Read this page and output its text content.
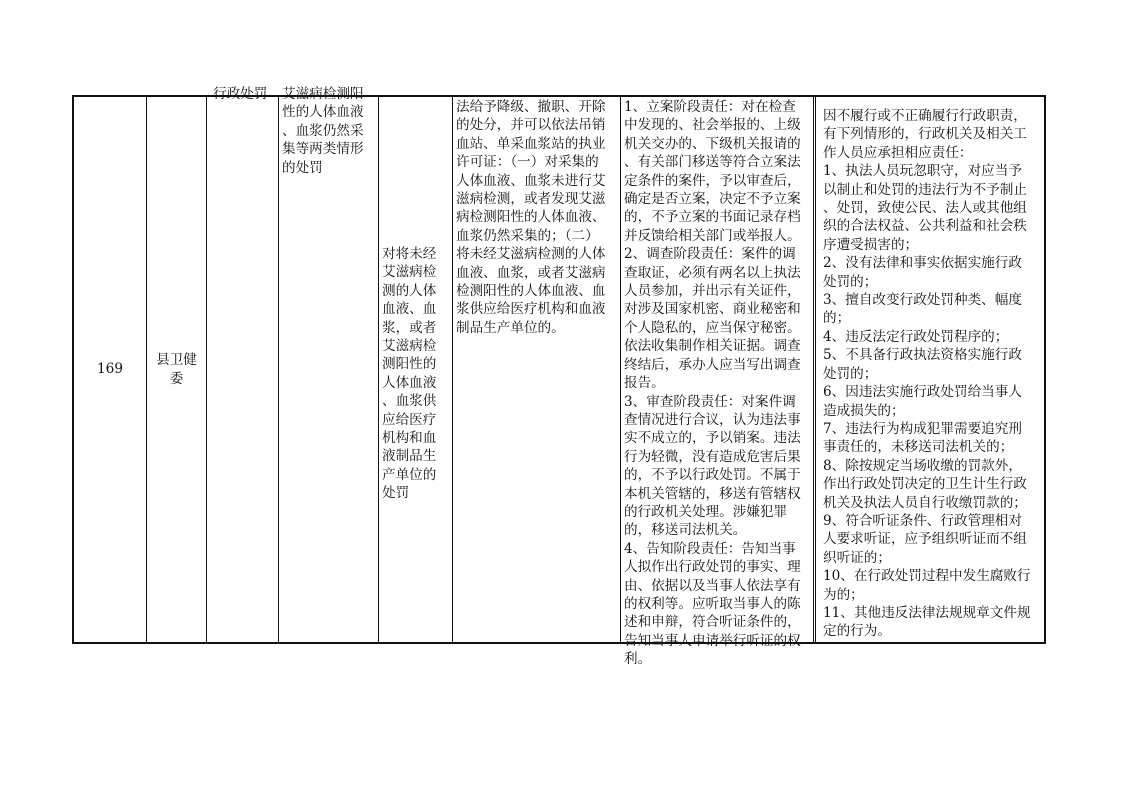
169
县卫健
委
行政处罚	艾滋病检测阳
性的人体血液
、血浆仍然采
集等两类情形
的处罚
对将未经
艾滋病检
测的人体
血液、血
浆，或者
艾滋病检
测阳性的
人体血液
、血浆供
应给医疗
机构和血
液制品生
产单位的
处罚
法给予降级、撤职、开除
的处分，并可以依法吊销
血站、单采血浆站的执业
许可证：（一）对采集的
人体血液、血浆未进行艾
滋病检测，或者发现艾滋
病检测阳性的人体血液、
血浆仍然采集的；（二）
将未经艾滋病检测的人体
血液、血浆，或者艾滋病
检测阳性的人体血液、血
浆供应给医疗机构和血液
制品生产单位的。
1、立案阶段责任：对在检查
中发现的、社会举报的、上级
机关交办的、下级机关报请的
、有关部门移送等符合立案法
定条件的案件，予以审查后，
确定是否立案，决定不予立案
的，不予立案的书面记录存档
并反馈给相关部门或举报人。
2、调查阶段责任：案件的调
查取证，必须有两名以上执法
人员参加，并出示有关证件，
对涉及国家机密、商业秘密和
个人隐私的，应当保守秘密。
依法收集制作相关证据。调查
终结后，承办人应当写出调查
报告。
3、审查阶段责任：对案件调
查情况进行合议，认为违法事
实不成立的，予以销案。违法
行为轻微，没有造成危害后果
的，不予以行政处罚。不属于
本机关管辖的，移送有管辖权
的行政机关处理。涉嫌犯罪
的，移送司法机关。
4、告知阶段责任：告知当事
人拟作出行政处罚的事实、理
由、依据以及当事人依法享有
的权利等。应听取当事人的陈
述和申辩，符合听证条件的，
告知当事人申请举行听证的权
利。
因不履行或不正确履行行政职责，
有下列情形的，行政机关及相关工
作人员应承担相应责任：
1、执法人员玩忽职守，对应当予
以制止和处罚的违法行为不予制止
、处罚，致使公民、法人或其他组
织的合法权益、公共利益和社会秩
序遭受损害的；
2、没有法律和事实依据实施行政
处罚的；
3、擅自改变行政处罚种类、幅度
的；
4、违反法定行政处罚程序的；
5、不具备行政执法资格实施行政
处罚的；
6、因违法实施行政处罚给当事人
造成损失的；
7、违法行为构成犯罪需要追究刑
事责任的，未移送司法机关的；
8、除按规定当场收缴的罚款外，
作出行政处罚决定的卫生计生行政
机关及执法人员自行收缴罚款的；
9、符合听证条件、行政管理相对
人要求听证，应予组织听证而不组
织听证的；
10、在行政处罚过程中发生腐败行
为的；
11、其他违反法律法规规章文件规
定的行为。
